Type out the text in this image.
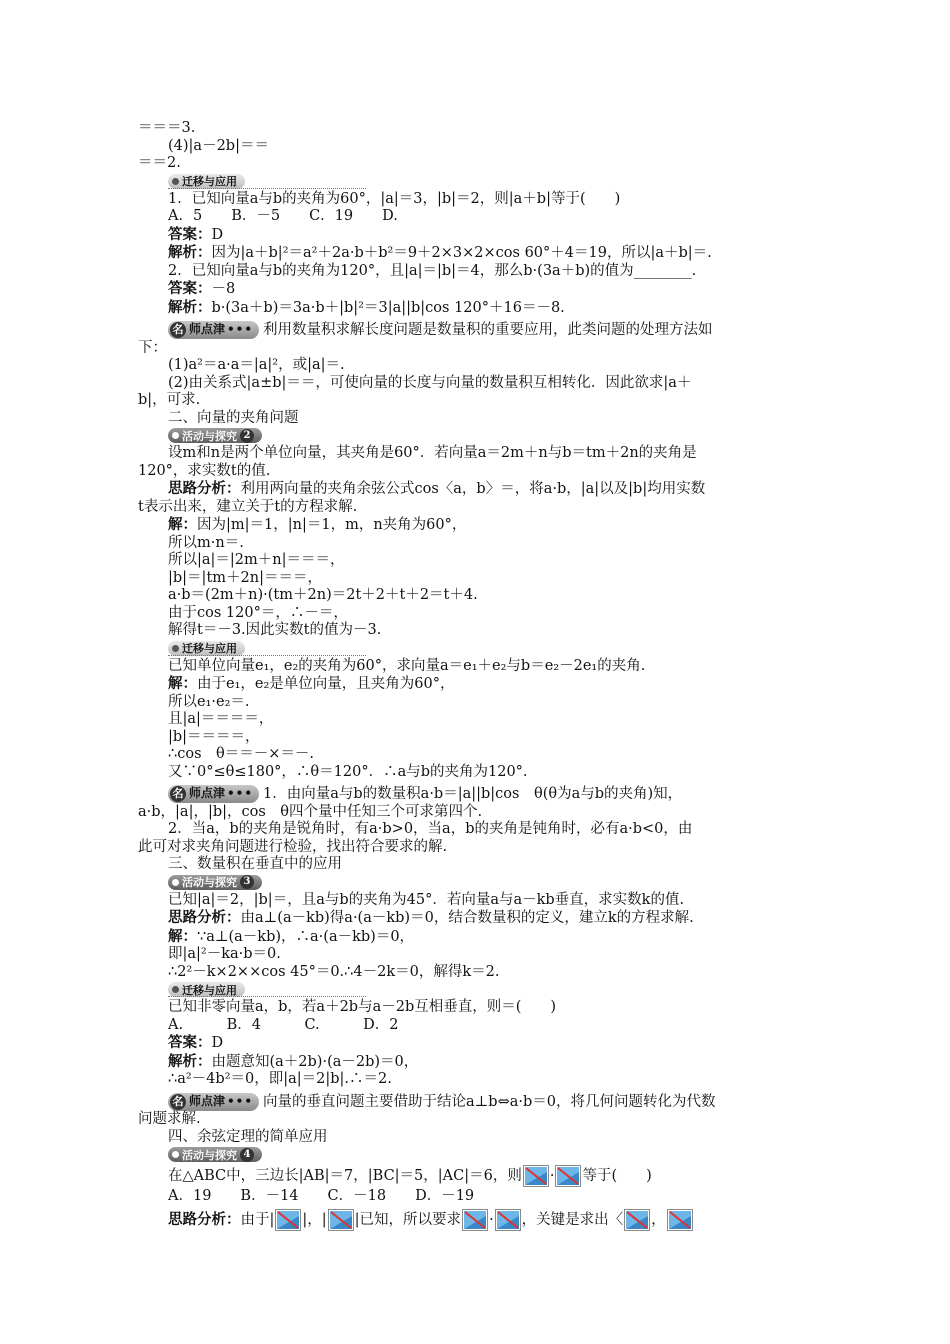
＝＝＝3.
(4)|a－2b|＝＝
＝＝2.
迁移与应用
1．已知向量a与b的夹角为60°，|a|＝3，|b|＝2，则|a＋b|等于(　　)
A．5　　B．－5　　C．19　　D.
答案：D
解析：因为|a＋b|²＝a²＋2a·b＋b²＝9＋2×3×2×cos 60°＋4＝19，所以|a＋b|＝.
2．已知向量a与b的夹角为120°，且|a|＝|b|＝4，那么b·(3a＋b)的值为________.
答案：－8
解析：b·(3a＋b)＝3a·b＋|b|²＝3|a||b|cos 120°＋16＝－8.
名 师点津 ••• 利用数量积求解长度问题是数量积的重要应用，此类问题的处理方法如
下：
(1)a²＝a·a＝|a|²，或|a|＝.
(2)由关系式|a±b|＝＝，可使向量的长度与向量的数量积互相转化．因此欲求|a＋
b|，可求.
二、向量的夹角问题
活动与探究 2
设m和n是两个单位向量，其夹角是60°．若向量a＝2m＋n与b＝tm＋2n的夹角是
120°，求实数t的值.
思路分析：利用两向量的夹角余弦公式cos〈a，b〉＝，将a·b，|a|以及|b|均用实数
t表示出来，建立关于t的方程求解.
解：因为|m|＝1，|n|＝1，m，n夹角为60°，
所以m·n＝.
所以|a|＝|2m＋n|＝＝＝，
|b|＝|tm＋2n|＝＝＝，
a·b＝(2m＋n)·(tm＋2n)＝2t＋2＋t＋2＝t＋4.
由于cos 120°＝，∴－＝，
解得t＝－3.因此实数t的值为－3.
迁移与应用
已知单位向量e₁，e₂的夹角为60°，求向量a＝e₁＋e₂与b＝e₂－2e₁的夹角.
解：由于e₁，e₂是单位向量，且夹角为60°，
所以e₁·e₂＝.
且|a|＝＝＝＝，
|b|＝＝＝＝，
∴cos　θ＝＝－×＝－.
又∵0°≤θ≤180°，∴θ＝120°．∴a与b的夹角为120°.
名 师点津 ••• 1．由向量a与b的数量积a·b＝|a||b|cos　θ(θ为a与b的夹角)知，
a·b，|a|，|b|，cos　θ四个量中任知三个可求第四个.
2．当a，b的夹角是锐角时，有a·b>0，当a，b的夹角是钝角时，必有a·b<0，由
此可对求夹角问题进行检验，找出符合要求的解.
三、数量积在垂直中的应用
活动与探究 3
已知|a|＝2，|b|＝，且a与b的夹角为45°．若向量a与a－kb垂直，求实数k的值.
思路分析：由a⊥(a－kb)得a·(a－kb)＝0，结合数量积的定义，建立k的方程求解.
解：∵a⊥(a－kb)，∴a·(a－kb)＝0，
即|a|²－ka·b＝0.
∴2²－k×2××cos 45°＝0.∴4－2k＝0，解得k＝2.
迁移与应用
已知非零向量a，b，若a＋2b与a－2b互相垂直，则＝(　　)
A.　　　B．4　　　C.　　　D．2
答案：D
解析：由题意知(a＋2b)·(a－2b)＝0，
∴a²－4b²＝0，即|a|＝2|b|.∴＝2.
名 师点津 ••• 向量的垂直问题主要借助于结论a⊥b⇔a·b＝0，将几何问题转化为代数
问题求解.
四、余弦定理的简单应用
活动与探究 4
在△ABC中，三边长|AB|＝7，|BC|＝5，|AC|＝6，则 · 等于(　　)
A．19　　B．－14　　C．－18　　D．－19
思路分析：由于| |，| |已知，所以要求 · ，关键是求出〈 ，
